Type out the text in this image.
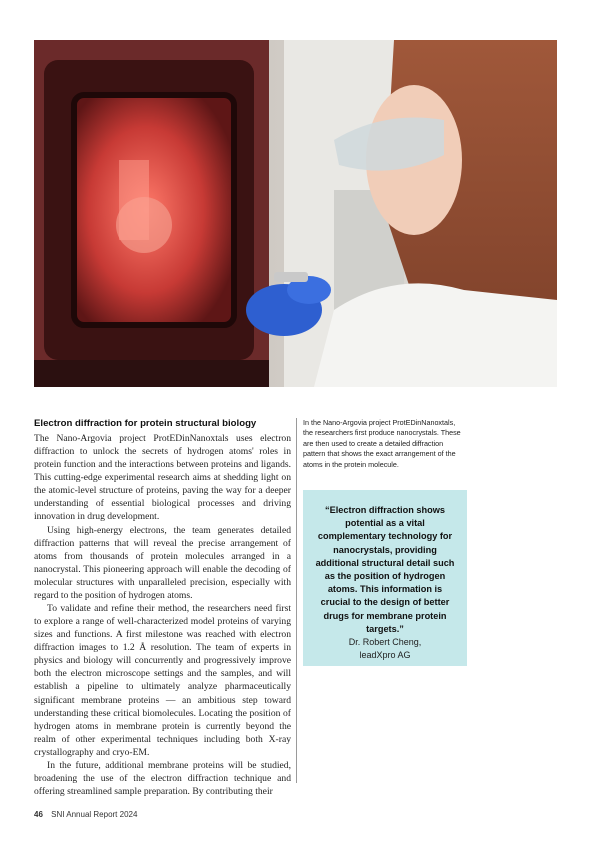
Electron diffraction for protein structural biology

The Nano-Argovia project ProtEDinNanoxtals uses electron diffraction to unlock the secrets of hydrogen atoms' roles in protein function and the interactions between proteins and ligands. This cutting-edge experimental research aims at shedding light on the atomic-level structure of proteins, paving the way for a deeper understanding of essential biological processes and driving innovation in drug development.

Using high-energy electrons, the team generates detailed diffraction patterns that will reveal the precise arrangement of atoms from thousands of protein molecules arranged in a nanocrystal. This pioneering approach will enable the decoding of molecular structures with unparalleled precision, especially with regard to the position of hydrogen atoms.

To validate and refine their method, the researchers need first to explore a range of well-characterized model proteins of varying sizes and functions. A first milestone was reached with electron diffraction images to 1.2 Å resolution. The team of experts in physics and biology will concurrently and progressively improve both the electron microscope settings and the samples, and will establish a pipeline to ultimately analyze pharmaceutically significant membrane proteins — an ambitious step toward understanding these critical biomolecules. Locating the position of hydrogen atoms in membrane protein is currently beyond the realm of other experimental techniques including both X-ray crystallography and cryo-EM.

In the future, additional membrane proteins will be studied, broadening the use of the electron diffraction technique and offering streamlined sample preparation. By contributing their

In the Nano-Argovia project ProtEDinNanoxtals, the researchers first produce nanocrystals. These are then used to create a detailed diffraction pattern that shows the exact arrangement of the atoms in the protein molecule.
“Electron diffraction shows potential as a vital complementary technology for nanocrystals, providing additional structural detail such as the position of hydrogen atoms. This information is crucial to the design of better drugs for membrane protein targets.”
Dr. Robert Cheng,
leadXpro AG
46 SNI Annual Report 2024
